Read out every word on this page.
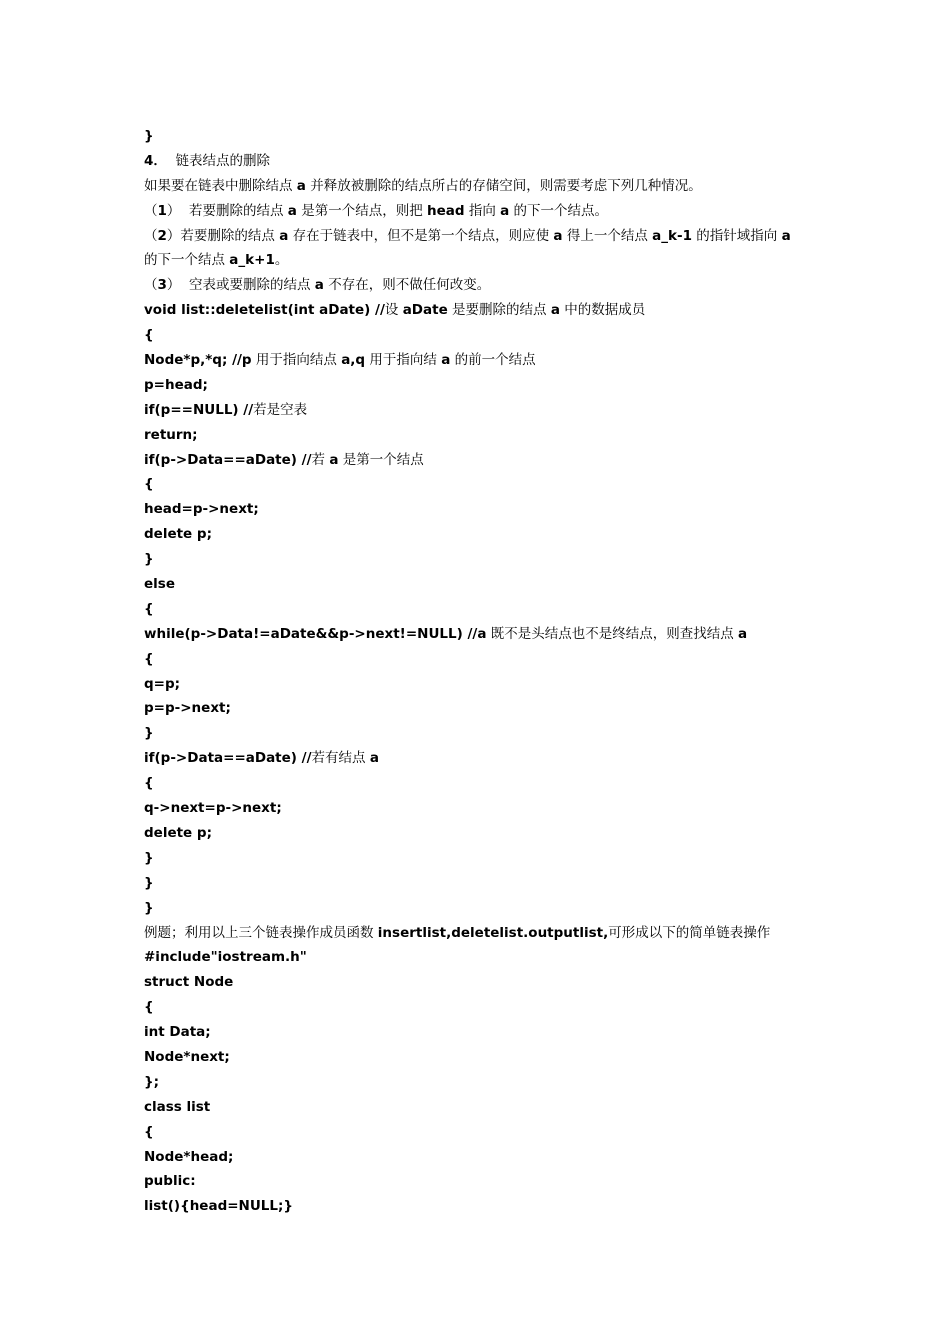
}
4．  链表结点的删除
如果要在链表中删除结点 a 并释放被删除的结点所占的存储空间，则需要考虑下列几种情况。
（1）  若要删除的结点 a 是第一个结点，则把 head 指向 a 的下一个结点。
（2）若要删除的结点 a 存在于链表中，但不是第一个结点，则应使 a 得上一个结点 a_k-1 的指针域指向 a
的下一个结点 a_k+1。
（3）  空表或要删除的结点 a 不存在，则不做任何改变。
void list::deletelist(int aDate) //设 aDate 是要删除的结点 a 中的数据成员
{
Node*p,*q; //p 用于指向结点 a,q 用于指向结 a 的前一个结点
p=head;
if(p==NULL) //若是空表
return;
if(p->Data==aDate) //若 a 是第一个结点
{
head=p->next;
delete p;
}
else
{
while(p->Data!=aDate&&p->next!=NULL) //a 既不是头结点也不是终结点，则查找结点 a
{
q=p;
p=p->next;
}
if(p->Data==aDate) //若有结点 a
{
q->next=p->next;
delete p;
}
}
}
例题；利用以上三个链表操作成员函数 insertlist,deletelist.outputlist,可形成以下的简单链表操作
#include"iostream.h"
struct Node
{
int Data;
Node*next;
};
class list
{
Node*head;
public:
list(){head=NULL;}
